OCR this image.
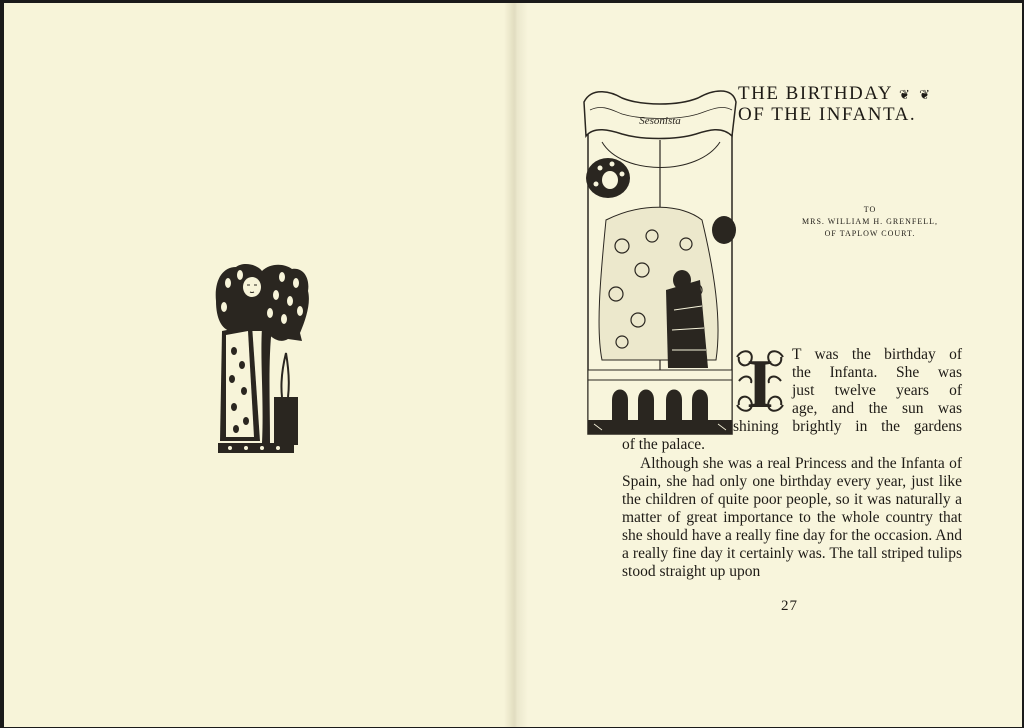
Sesonista
THE BIRTHDAY ❦ ❦
OF THE INFANTA.
TO
MRS. WILLIAM H. GRENFELL,
OF TAPLOW COURT.
I T was the birthday of
the Infanta. She was
just twelve years of
age, and the sun was
shining brightly in the gardens
of the palace.
Although she was a real Princess and the Infanta of Spain, she had only one birthday every year, just like the children of quite poor people, so it was naturally a matter of great importance to the whole country that she should have a really fine day for the occasion. And a really fine day it certainly was. The tall striped tulips stood straight up upon
27
